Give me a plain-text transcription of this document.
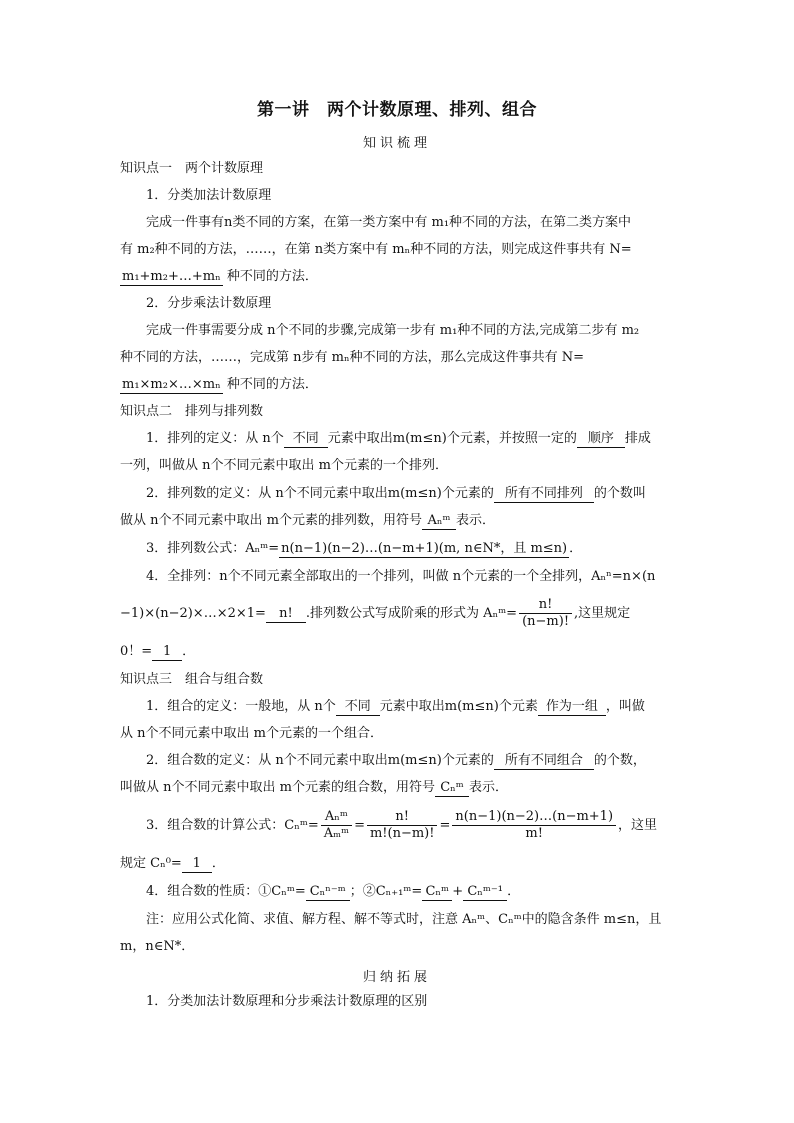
第一讲　两个计数原理、排列、组合
知识梳理
知识点一　两个计数原理
1．分类加法计数原理
完成一件事有n类不同的方案，在第一类方案中有 m₁种不同的方法，在第二类方案中
有 m₂种不同的方法，……，在第 n类方案中有 mₙ种不同的方法，则完成这件事共有 N=
m₁+m₂+…+mₙ 种不同的方法．
2．分步乘法计数原理
完成一件事需要分成 n个不同的步骤,完成第一步有 m₁种不同的方法,完成第二步有 m₂
种不同的方法，……，完成第 n步有 mₙ种不同的方法，那么完成这件事共有 N=
m₁×m₂×…×mₙ 种不同的方法．
知识点二　排列与排列数
1．排列的定义：从 n个 不同 元素中取出m(m≤n)个元素，并按照一定的 顺序 排成
一列，叫做从 n个不同元素中取出 m个元素的一个排列．
2．排列数的定义：从 n个不同元素中取出m(m≤n)个元素的 所有不同排列 的个数叫
做从 n个不同元素中取出 m个元素的排列数，用符号 Aₙᵐ 表示．
3．排列数公式：Aₙᵐ= n(n−1)(n−2)…(n−m+1)(m, n∈N*，且 m≤n) ．
4．全排列：n个不同元素全部取出的一个排列，叫做 n个元素的一个全排列，Aₙⁿ=n×(n
−1)×(n−2)×…×2×1= n! .排列数公式写成阶乘的形式为 Aₙᵐ= $\frac{n!}{(n-m)!}$ ,这里规定
0！= 1 ．
知识点三　组合与组合数
1．组合的定义：一般地，从 n个 不同 元素中取出m(m≤n)个元素 作为一组 ，叫做
从 n个不同元素中取出 m个元素的一个组合．
2．组合数的定义：从 n个不同元素中取出m(m≤n)个元素的 所有不同组合 的个数，
叫做从 n个不同元素中取出 m个元素的组合数，用符号 Cₙᵐ 表示．
3．组合数的计算公式：Cₙᵐ= $\frac{\text{Aₙᵐ}}{\text{Aₘᵐ}} = \frac{n!}{m!(n-m)!} = \frac{n(n-1)(n-2)\dots(n-m+1)}{m!}$ ，这里
规定 Cₙ⁰= 1 ．
4．组合数的性质：①Cₙᵐ= Cₙⁿ⁻ᵐ ；②Cₙ₊₁ᵐ= Cₙᵐ + Cₙᵐ⁻¹ ．
注：应用公式化简、求值、解方程、解不等式时，注意 Aₙᵐ、Cₙᵐ中的隐含条件 m≤n，且
m，n∈N*．
归纳拓展
1．分类加法计数原理和分步乘法计数原理的区别
